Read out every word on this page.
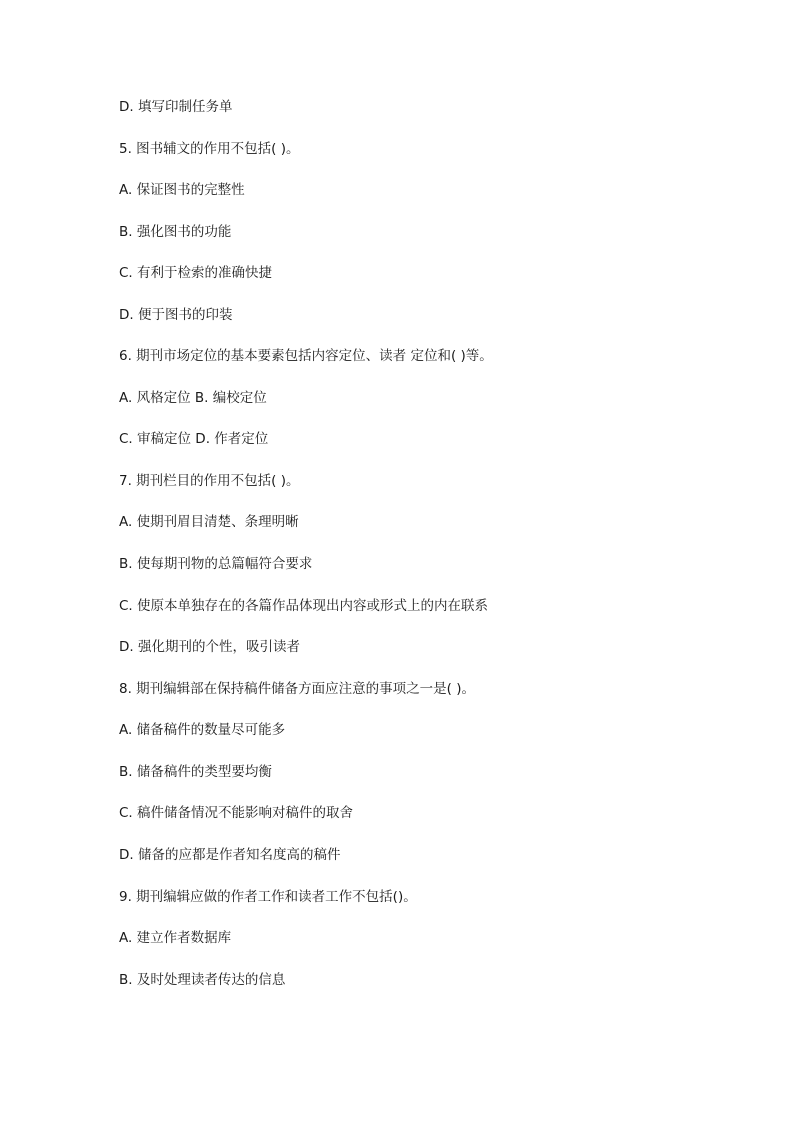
D. 填写印制任务单

5. 图书辅文的作用不包括( )。

A. 保证图书的完整性

B. 强化图书的功能

C. 有利于检索的准确快捷

D. 便于图书的印装

6. 期刊市场定位的基本要素包括内容定位、读者 定位和( )等。

A. 风格定位 B. 编校定位

C. 审稿定位 D. 作者定位

7. 期刊栏目的作用不包括( )。

A. 使期刊眉目清楚、条理明晰

B. 使每期刊物的总篇幅符合要求

C. 使原本单独存在的各篇作品体现出内容或形式上的内在联系

D. 强化期刊的个性，吸引读者

8. 期刊编辑部在保持稿件储备方面应注意的事项之一是( )。

A. 储备稿件的数量尽可能多

B. 储备稿件的类型要均衡

C. 稿件储备情况不能影响对稿件的取舍

D. 储备的应都是作者知名度高的稿件

9. 期刊编辑应做的作者工作和读者工作不包括()。

A. 建立作者数据库

B. 及时处理读者传达的信息
